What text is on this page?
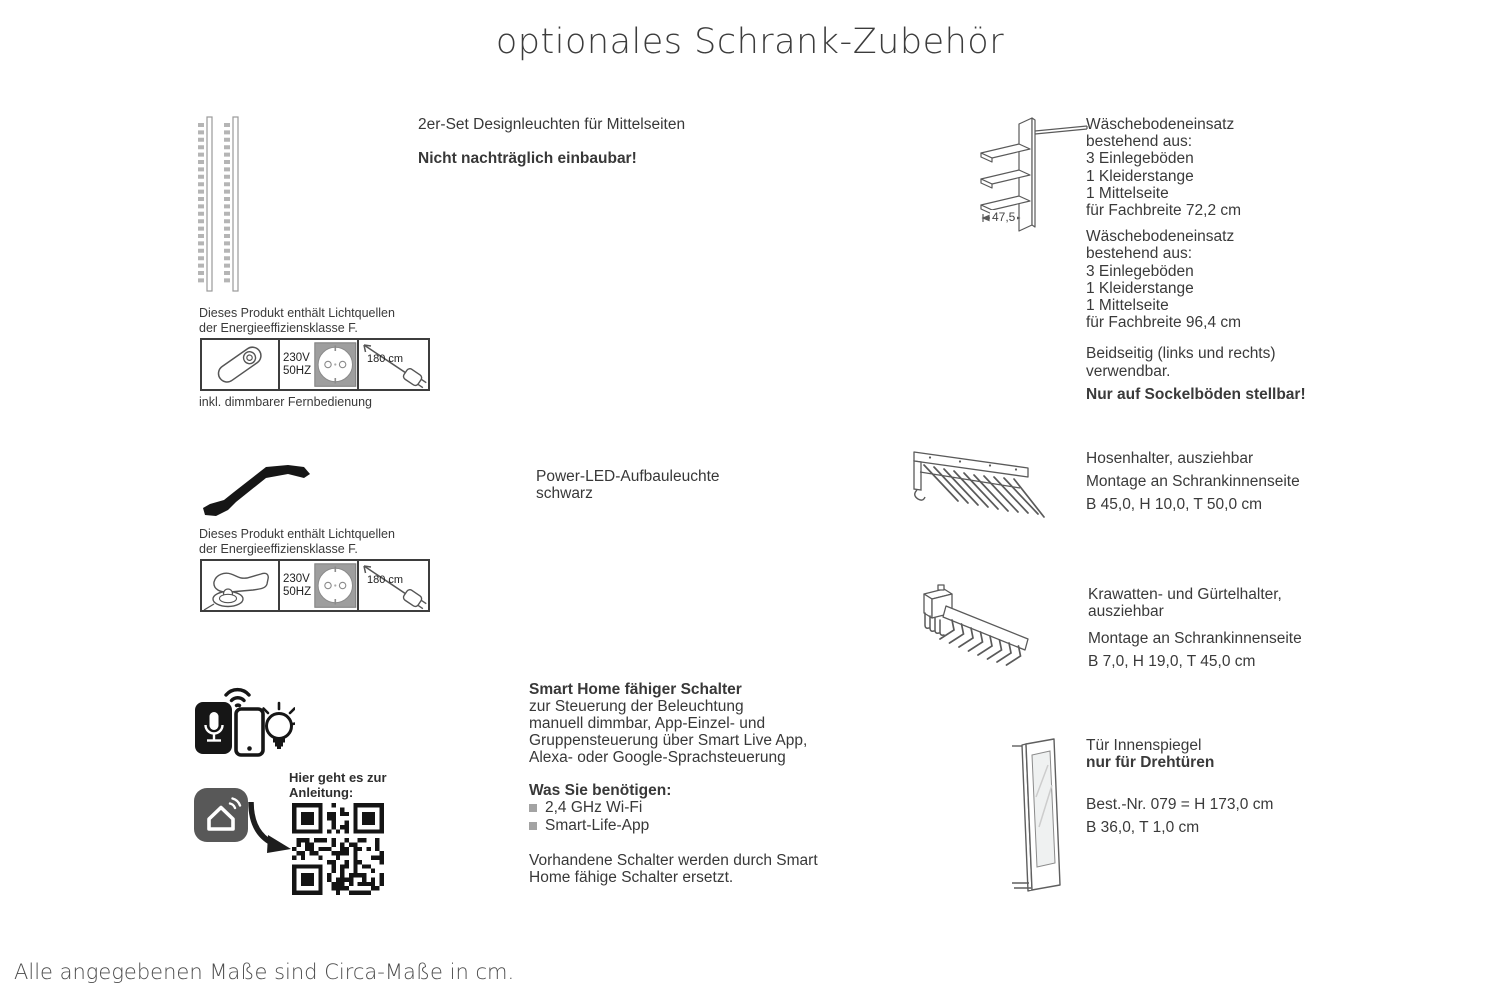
optionales Schrank-Zubehör
2er-Set Designleuchten für Mittelseiten
Nicht nachträglich einbaubar!
Dieses Produkt enthält Lichtquellen
der Energieeffiziensklasse F.
230V
50HZ
180 cm
inkl. dimmbarer Fernbedienung
Power-LED-Aufbauleuchte
schwarz
Dieses Produkt enthält Lichtquellen
der Energieeffiziensklasse F.
230V
50HZ
180 cm
Hier geht es zur
Anleitung:
Smart Home fähiger Schalter
zur Steuerung der Beleuchtung
manuell dimmbar, App-Einzel- und
Gruppensteuerung über Smart Live App,
Alexa- oder Google-Sprachsteuerung
Was Sie benötigen:
2,4 GHz Wi-Fi
Smart-Life-App
Vorhandene Schalter werden durch Smart
Home fähige Schalter ersetzt.
47,5
Wäschebodeneinsatz
bestehend aus:
3 Einlegeböden
1 Kleiderstange
1 Mittelseite
für Fachbreite 72,2 cm
Wäschebodeneinsatz
bestehend aus:
3 Einlegeböden
1 Kleiderstange
1 Mittelseite
für Fachbreite 96,4 cm
Beidseitig (links und rechts)
verwendbar.
Nur auf Sockelböden stellbar!
Hosenhalter, ausziehbar
Montage an Schrankinnenseite
B 45,0, H 10,0, T 50,0 cm
Krawatten- und Gürtelhalter,
ausziehbar
Montage an Schrankinnenseite
B 7,0, H 19,0, T 45,0 cm
Tür Innenspiegel
nur für Drehtüren
Best.-Nr. 079 = H 173,0 cm
B 36,0, T 1,0 cm
Alle angegebenen Maße sind Circa-Maße in cm.
